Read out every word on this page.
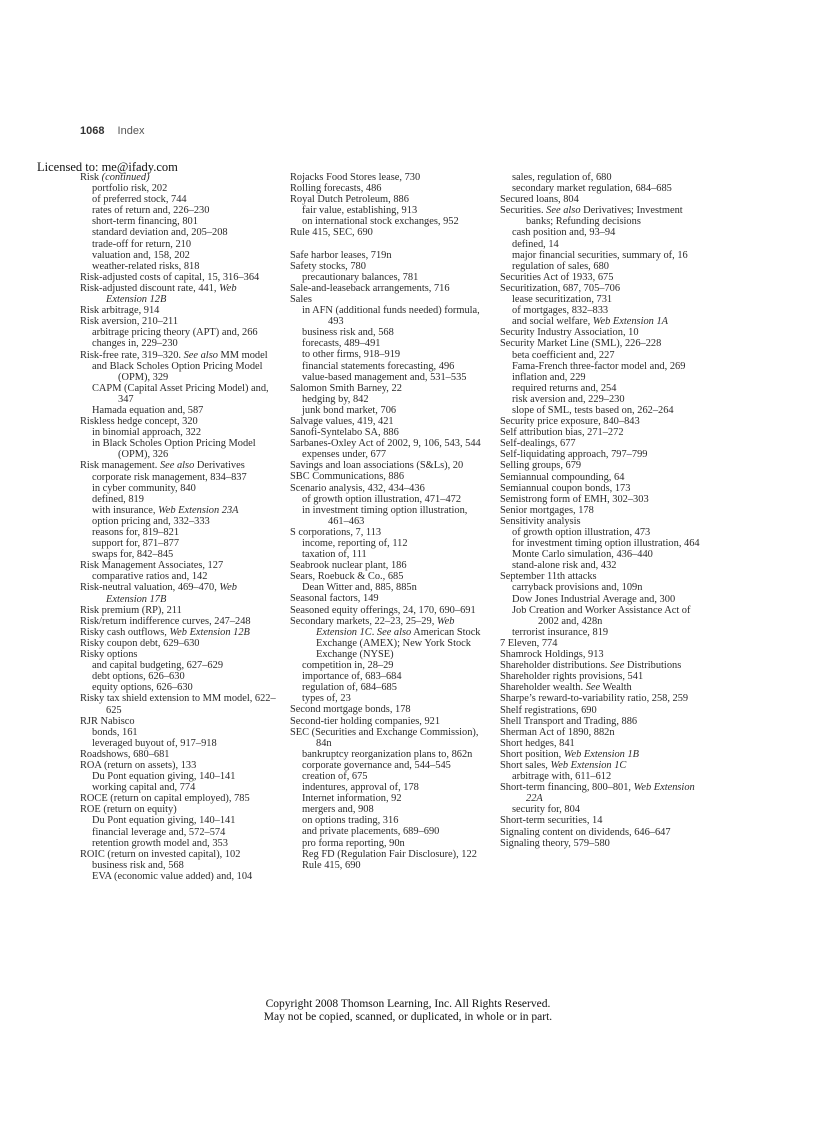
1068 Index
Licensed to: me@ifady.com
Risk (continued)
portfolio risk, 202
of preferred stock, 744
rates of return and, 226–230
short-term financing, 801
standard deviation and, 205–208
trade-off for return, 210
valuation and, 158, 202
weather-related risks, 818
Risk-adjusted costs of capital, 15, 316–364
Risk-adjusted discount rate, 441, Web Extension 12B
Risk arbitrage, 914
Risk aversion, 210–211
arbitrage pricing theory (APT) and, 266
changes in, 229–230
Risk-free rate, 319–320. See also MM model
and Black Scholes Option Pricing Model (OPM), 329
CAPM (Capital Asset Pricing Model) and, 347
Hamada equation and, 587
Riskless hedge concept, 320
in binomial approach, 322
in Black Scholes Option Pricing Model (OPM), 326
Risk management. See also Derivatives
corporate risk management, 834–837
in cyber community, 840
defined, 819
with insurance, Web Extension 23A
option pricing and, 332–333
reasons for, 819–821
support for, 871–877
swaps for, 842–845
Risk Management Associates, 127
comparative ratios and, 142
Risk-neutral valuation, 469–470, Web Extension 17B
Risk premium (RP), 211
Risk/return indifference curves, 247–248
Risky cash outflows, Web Extension 12B
Risky coupon debt, 629–630
Risky options
and capital budgeting, 627–629
debt options, 626–630
equity options, 626–630
Risky tax shield extension to MM model, 622–625
RJR Nabisco
bonds, 161
leveraged buyout of, 917–918
Roadshows, 680–681
ROA (return on assets), 133
Du Pont equation giving, 140–141
working capital and, 774
ROCE (return on capital employed), 785
ROE (return on equity)
Du Pont equation giving, 140–141
financial leverage and, 572–574
retention growth model and, 353
ROIC (return on invested capital), 102
business risk and, 568
EVA (economic value added) and, 104
Rojacks Food Stores lease, 730
Rolling forecasts, 486
Royal Dutch Petroleum, 886
fair value, establishing, 913
on international stock exchanges, 952
Rule 415, SEC, 690
Safe harbor leases, 719n
Safety stocks, 780
precautionary balances, 781
Sale-and-leaseback arrangements, 716
Sales
in AFN (additional funds needed) formula, 493
business risk and, 568
forecasts, 489–491
to other firms, 918–919
financial statements forecasting, 496
value-based management and, 531–535
Salomon Smith Barney, 22
hedging by, 842
junk bond market, 706
Salvage values, 419, 421
Sanofi-Syntelabo SA, 886
Sarbanes-Oxley Act of 2002, 9, 106, 543, 544
expenses under, 677
Savings and loan associations (S&Ls), 20
SBC Communications, 886
Scenario analysis, 432, 434–436
of growth option illustration, 471–472
in investment timing option illustration, 461–463
S corporations, 7, 113
income, reporting of, 112
taxation of, 111
Seabrook nuclear plant, 186
Sears, Roebuck & Co., 685
Dean Witter and, 885, 885n
Seasonal factors, 149
Seasoned equity offerings, 24, 170, 690–691
Secondary markets, 22–23, 25–29, Web Extension 1C. See also American Stock Exchange (AMEX); New York Stock Exchange (NYSE)
competition in, 28–29
importance of, 683–684
regulation of, 684–685
types of, 23
Second mortgage bonds, 178
Second-tier holding companies, 921
SEC (Securities and Exchange Commission), 84n
bankruptcy reorganization plans to, 862n
corporate governance and, 544–545
creation of, 675
indentures, approval of, 178
Internet information, 92
mergers and, 908
on options trading, 316
and private placements, 689–690
pro forma reporting, 90n
Reg FD (Regulation Fair Disclosure), 122
Rule 415, 690
sales, regulation of, 680
secondary market regulation, 684–685
Secured loans, 804
Securities. See also Derivatives; Investment banks; Refunding decisions
cash position and, 93–94
defined, 14
major financial securities, summary of, 16
regulation of sales, 680
Securities Act of 1933, 675
Securitization, 687, 705–706
lease securitization, 731
of mortgages, 832–833
and social welfare, Web Extension 1A
Security Industry Association, 10
Security Market Line (SML), 226–228
beta coefficient and, 227
Fama-French three-factor model and, 269
inflation and, 229
required returns and, 254
risk aversion and, 229–230
slope of SML, tests based on, 262–264
Security price exposure, 840–843
Self attribution bias, 271–272
Self-dealings, 677
Self-liquidating approach, 797–799
Selling groups, 679
Semiannual compounding, 64
Semiannual coupon bonds, 173
Semistrong form of EMH, 302–303
Senior mortgages, 178
Sensitivity analysis
of growth option illustration, 473
for investment timing option illustration, 464
Monte Carlo simulation, 436–440
stand-alone risk and, 432
September 11th attacks
carryback provisions and, 109n
Dow Jones Industrial Average and, 300
Job Creation and Worker Assistance Act of 2002 and, 428n
terrorist insurance, 819
7 Eleven, 774
Shamrock Holdings, 913
Shareholder distributions. See Distributions
Shareholder rights provisions, 541
Shareholder wealth. See Wealth
Sharpe’s reward-to-variability ratio, 258, 259
Shelf registrations, 690
Shell Transport and Trading, 886
Sherman Act of 1890, 882n
Short hedges, 841
Short position, Web Extension 1B
Short sales, Web Extension 1C
arbitrage with, 611–612
Short-term financing, 800–801, Web Extension 22A
security for, 804
Short-term securities, 14
Signaling content on dividends, 646–647
Signaling theory, 579–580
Copyright 2008 Thomson Learning, Inc. All Rights Reserved.
May not be copied, scanned, or duplicated, in whole or in part.
